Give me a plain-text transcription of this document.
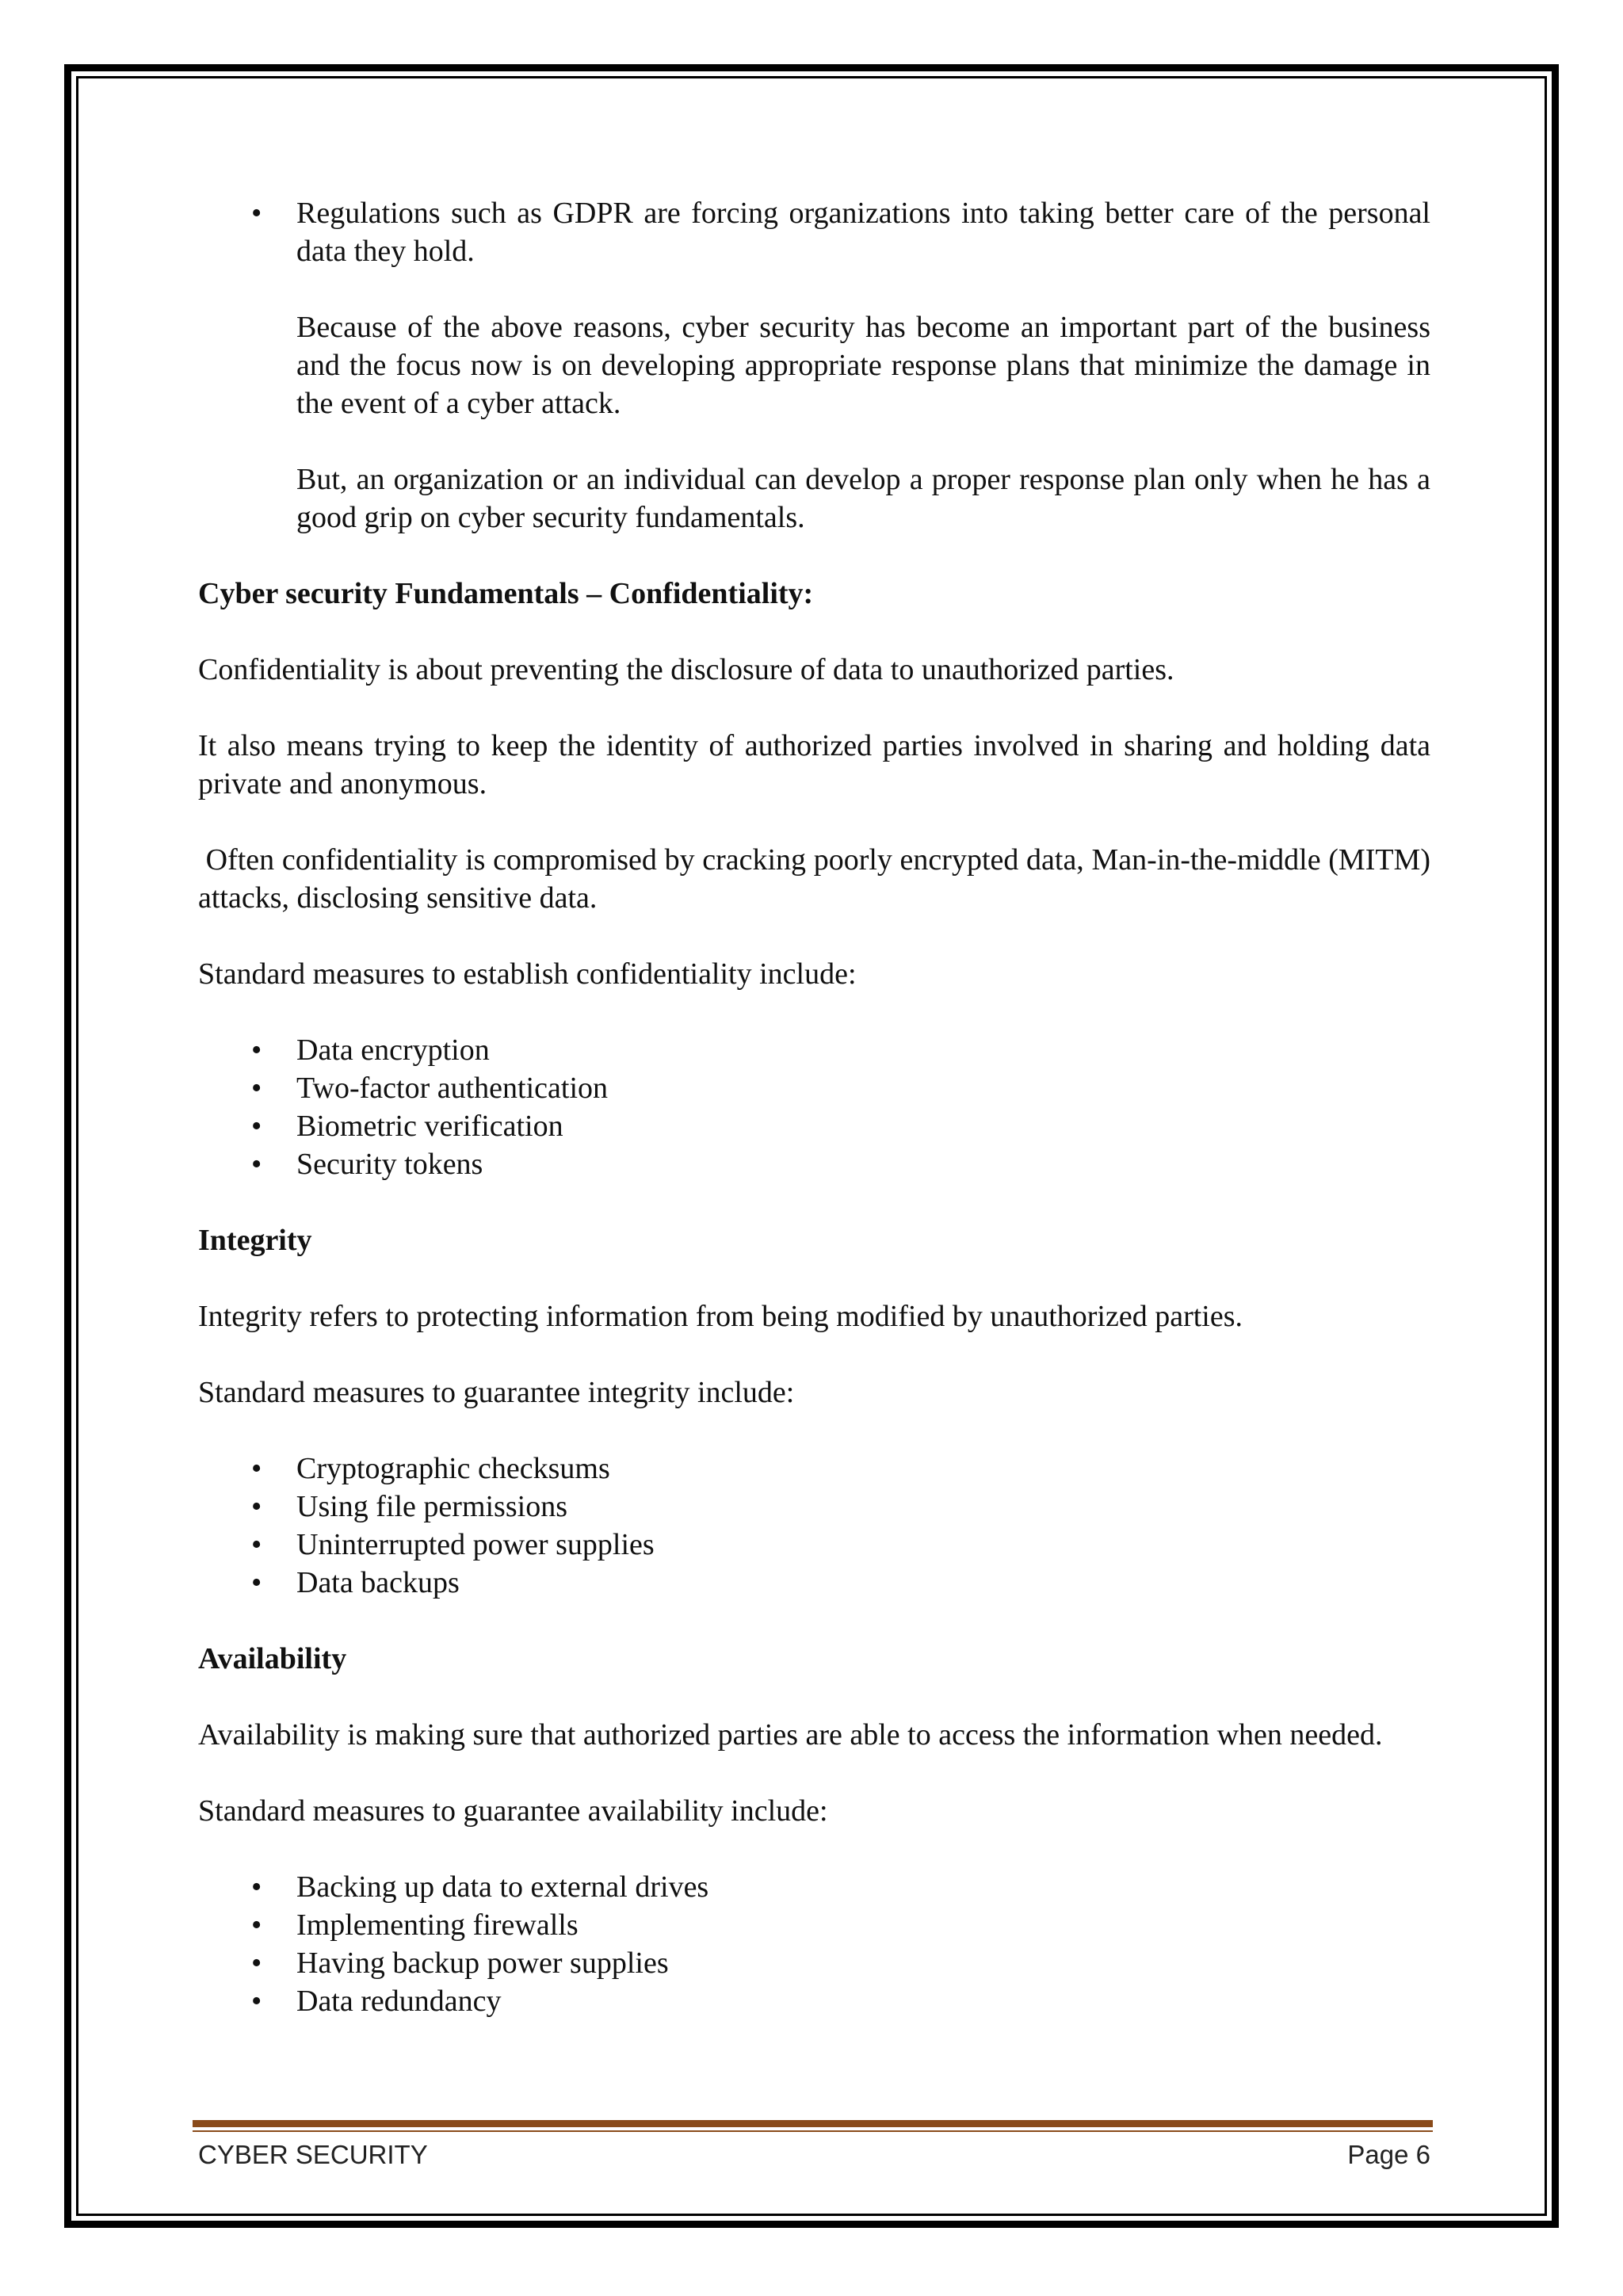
• Regulations such as GDPR are forcing organizations into taking better care of the personal data they hold.

Because of the above reasons, cyber security has become an important part of the business and the focus now is on developing appropriate response plans that minimize the damage in the event of a cyber attack.

But, an organization or an individual can develop a proper response plan only when he has a good grip on cyber security fundamentals.

Cyber security Fundamentals – Confidentiality:

Confidentiality is about preventing the disclosure of data to unauthorized parties.

It also means trying to keep the identity of authorized parties involved in sharing and holding data private and anonymous.

Often confidentiality is compromised by cracking poorly encrypted data, Man-in-the-middle (MITM) attacks, disclosing sensitive data.

Standard measures to establish confidentiality include:

• Data encryption
• Two-factor authentication
• Biometric verification
• Security tokens
Integrity

Integrity refers to protecting information from being modified by unauthorized parties.

Standard measures to guarantee integrity include:

• Cryptographic checksums
• Using file permissions
• Uninterrupted power supplies
• Data backups
Availability

Availability is making sure that authorized parties are able to access the information when needed.

Standard measures to guarantee availability include:

• Backing up data to external drives
• Implementing firewalls
• Having backup power supplies
• Data redundancy
CYBER SECURITY	Page 6
